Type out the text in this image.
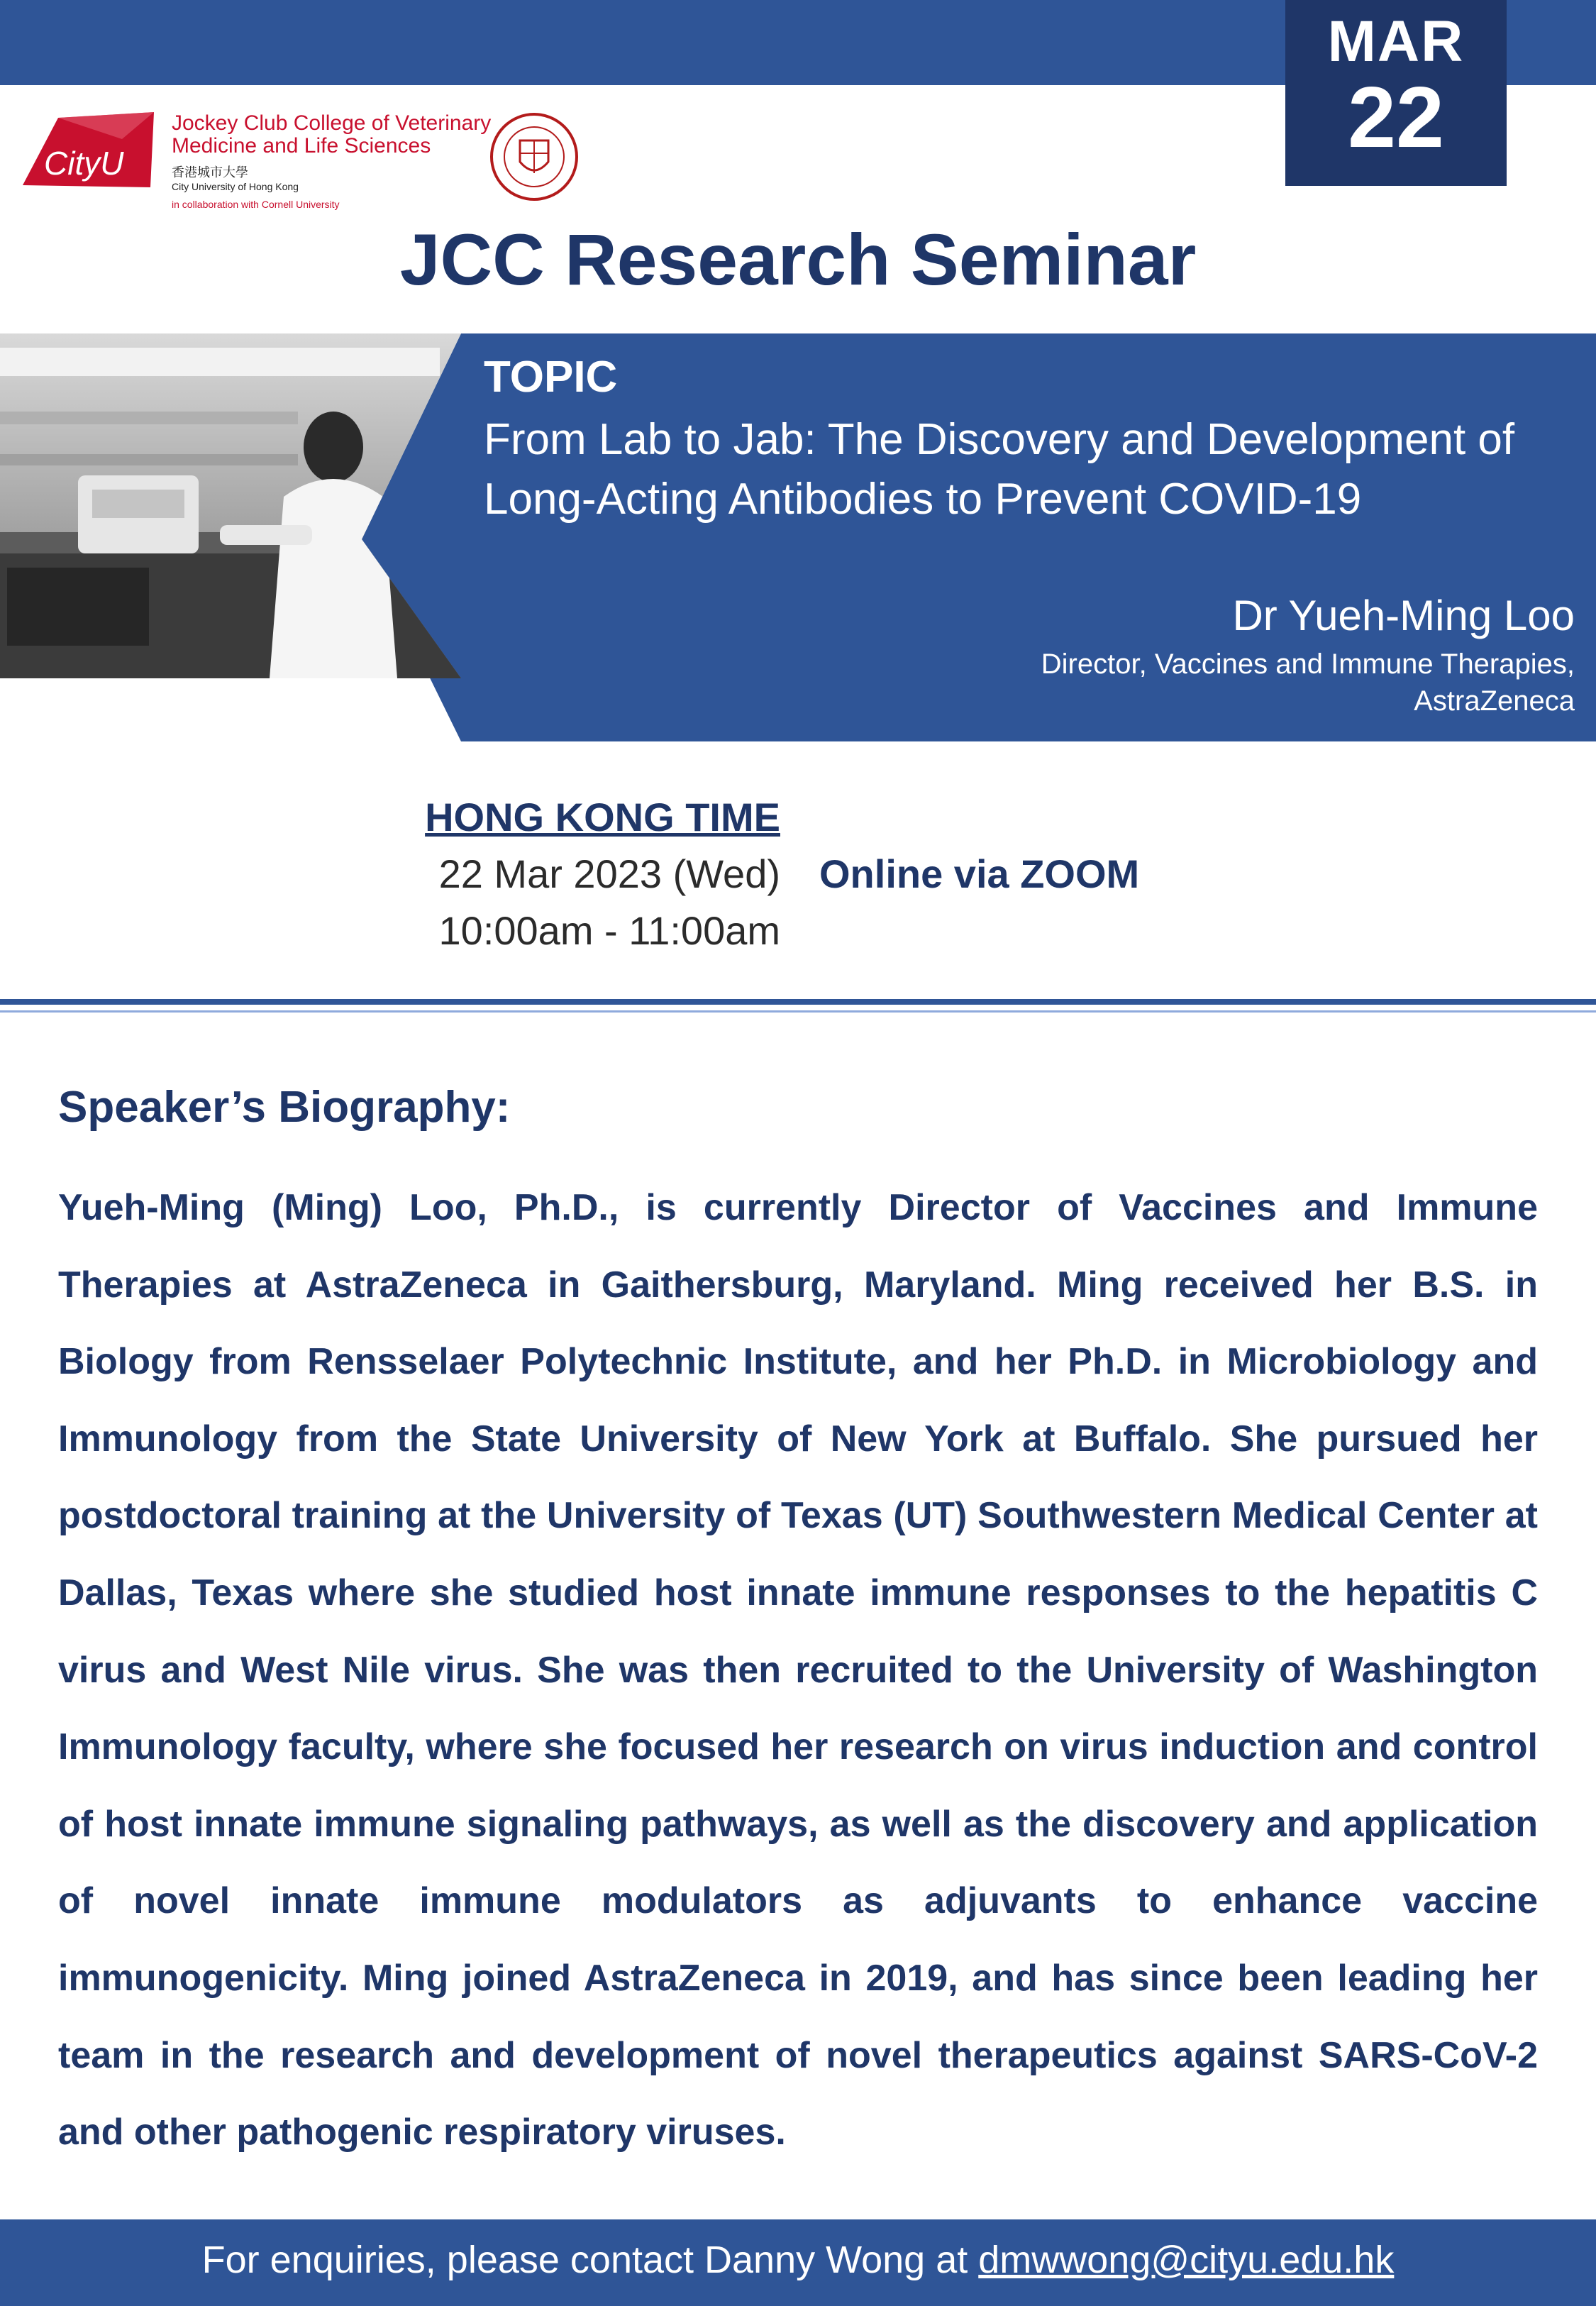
MAR
22
CityU
Jockey Club College of Veterinary
Medicine and Life Sciences
香港城市大學
City University of Hong Kong
in collaboration with Cornell University
JCC Research Seminar
TOPIC
From Lab to Jab: The Discovery and Development of
Long-Acting Antibodies to Prevent COVID-19
Dr Yueh-Ming Loo
Director, Vaccines and Immune Therapies,
AstraZeneca
HONG KONG TIME
22 Mar 2023 (Wed)
10:00am - 11:00am
Online via ZOOM
Speaker’s Biography:
Yueh-Ming (Ming) Loo, Ph.D., is currently Director of Vaccines and Immune Therapies at AstraZeneca in Gaithersburg, Maryland. Ming received her B.S. in Biology from Rensselaer Polytechnic Institute, and her Ph.D. in Microbiology and Immunology from the State University of New York at Buffalo. She pursued her postdoctoral training at the University of Texas (UT) Southwestern Medical Center at Dallas, Texas where she studied host innate immune responses to the hepatitis C virus and West Nile virus. She was then recruited to the University of Washington Immunology faculty, where she focused her research on virus induction and control of host innate immune signaling pathways, as well as the discovery and application of novel innate immune modulators as adjuvants to enhance vaccine immunogenicity. Ming joined AstraZeneca in 2019, and has since been leading her team in the research and development of novel therapeutics against SARS-CoV-2 and other pathogenic respiratory viruses.
For enquiries, please contact Danny Wong at dmwwong@cityu.edu.hk
